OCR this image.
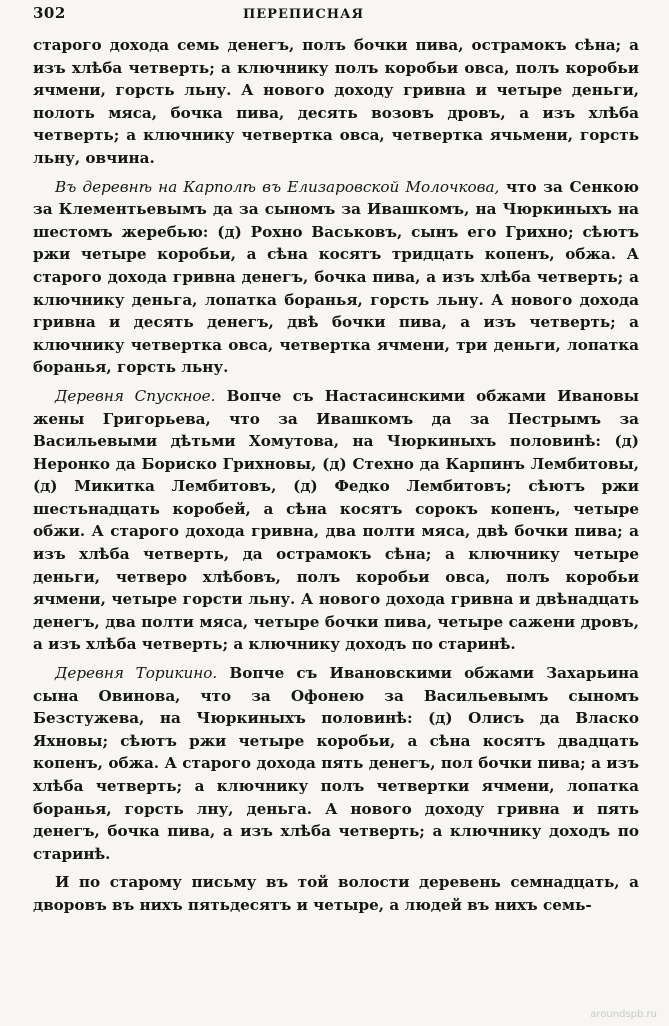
302	ПЕРЕПИСНАЯ

старого дохода семь денегъ, полъ бочки пива, острамокъ сѣна; а изъ хлѣба четверть; а ключнику полъ коробьи овса, полъ коробьи ячмени, горсть льну. А нового доходу гривна и четыре деньги, полоть мяса, бочка пива, десять возовъ дровъ, а изъ хлѣба четверть; а ключнику четвертка овса, четвертка ячьмени, горсть льну, овчина.

Въ деревнѣ на Карполѣ въ Елизаровской Молочкова, что за Сенкою за Клементьевымъ да за сыномъ за Ивашкомъ, на Чюркиныхъ на шестомъ жеребью: (д) Рохно Васьковъ, сынъ его Грихно; сѣютъ ржи четыре коробьи, а сѣна косятъ тридцать копенъ, обжа. А старого дохода гривна денегъ, бочка пива, а изъ хлѣба четверть; а ключнику деньга, лопатка боранья, горсть льну. А нового дохода гривна и десять денегъ, двѣ бочки пива, а изъ четверть; а ключнику четвертка овса, четвертка ячмени, три деньги, лопатка боранья, горсть льну.

Деревня Спускное. Вопче съ Настасинскими обжами Ивановы жены Григорьева, что за Ивашкомъ да за Пестрымъ за Васильевыми дѣтьми Хомутова, на Чюркиныхъ половинѣ: (д) Неронко да Бориско Грихновы, (д) Стехно да Карпинъ Лембитовы, (д) Микитка Лембитовъ, (д) Федко Лембитовъ; сѣютъ ржи шестьнадцать коробей, а сѣна косятъ сорокъ копенъ, четыре обжи. А старого дохода гривна, два полти мяса, двѣ бочки пива; а изъ хлѣба четверть, да острамокъ сѣна; а ключнику четыре деньги, четверо хлѣбовъ, полъ коробьи овса, полъ коробьи ячмени, четыре горсти льну. А нового дохода гривна и двѣнадцать денегъ, два полти мяса, четыре бочки пива, четыре сажени дровъ, а изъ хлѣба четверть; а ключнику доходъ по старинѣ.

Деревня Торикино. Вопче съ Ивановскими обжами Захарьина сына Овинова, что за Офонею за Васильевымъ сыномъ Безстужева, на Чюркиныхъ половинѣ: (д) Олисъ да Власко Яхновы; сѣютъ ржи четыре коробьи, а сѣна косятъ двадцать копенъ, обжа. А старого дохода пять денегъ, пол бочки пива; а изъ хлѣба четверть; а ключнику полъ четвертки ячмени, лопатка боранья, горсть лну, деньга. А нового доходу гривна и пять денегъ, бочка пива, а изъ хлѣба четверть; а ключнику доходъ по старинѣ.

И по старому письму въ той волости деревень семнадцать, а дворовъ въ нихъ пятьдесятъ и четыре, а людей въ нихъ семь-

aroundspb.ru
